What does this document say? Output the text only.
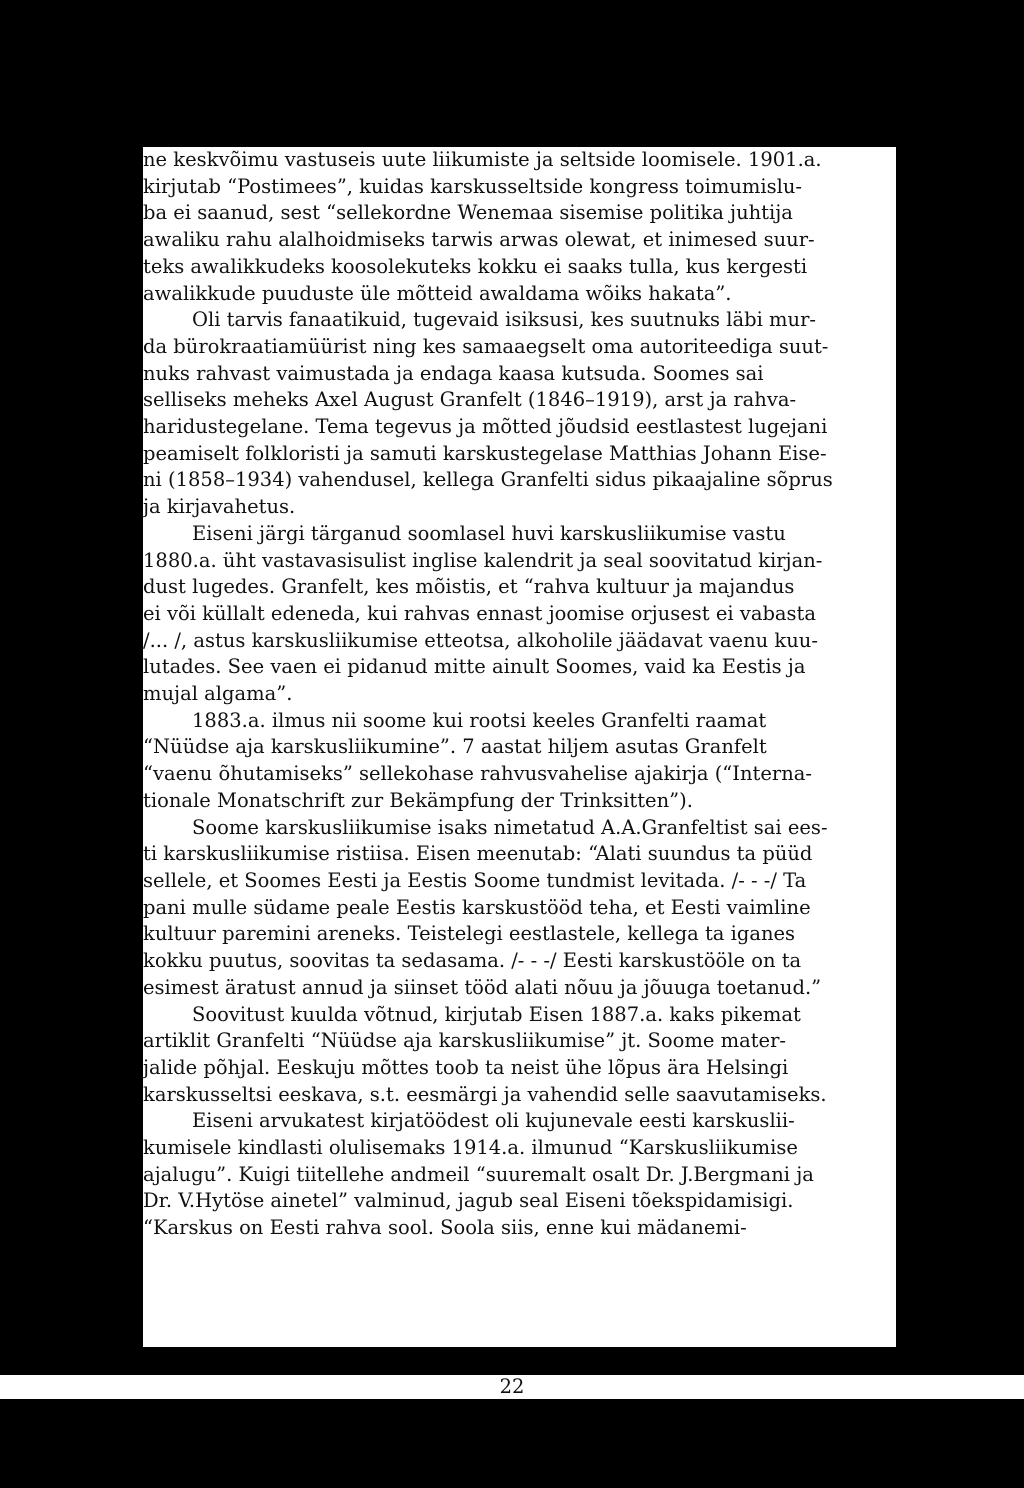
ne keskvõimu vastuseis uute liikumiste ja seltside loomisele. 1901.a.
kirjutab “Postimees”, kuidas karskusseltside kongress toimumislu-
ba ei saanud, sest “sellekordne Wenemaa sisemise politika juhtija
awaliku rahu alalhoidmiseks tarwis arwas olewat, et inimesed suur-
teks awalikkudeks koosolekuteks kokku ei saaks tulla, kus kergesti
awalikkude puuduste üle mõtteid awaldama wõiks hakata”.
Oli tarvis fanaatikuid, tugevaid isiksusi, kes suutnuks läbi mur-
da bürokraatiamüürist ning kes samaaegselt oma autoriteediga suut-
nuks rahvast vaimustada ja endaga kaasa kutsuda. Soomes sai
selliseks meheks Axel August Granfelt (1846–1919), arst ja rahva-
haridustegelane. Tema tegevus ja mõtted jõudsid eestlastest lugejani
peamiselt folkloristi ja samuti karskustegelase Matthias Johann Eise-
ni (1858–1934) vahendusel, kellega Granfelti sidus pikaajaline sõprus
ja kirjavahetus.
Eiseni järgi tärganud soomlasel huvi karskusliikumise vastu
1880.a. üht vastavasisulist inglise kalendrit ja seal soovitatud kirjan-
dust lugedes. Granfelt, kes mõistis, et “rahva kultuur ja majandus
ei või küllalt edeneda, kui rahvas ennast joomise orjusest ei vabasta
/... /, astus karskusliikumise etteotsa, alkoholile jäädavat vaenu kuu-
lutades. See vaen ei pidanud mitte ainult Soomes, vaid ka Eestis ja
mujal algama”.
1883.a. ilmus nii soome kui rootsi keeles Granfelti raamat
“Nüüdse aja karskusliikumine”. 7 aastat hiljem asutas Granfelt
“vaenu õhutamiseks” sellekohase rahvusvahelise ajakirja (“Interna-
tionale Monatschrift zur Bekämpfung der Trinksitten”).
Soome karskusliikumise isaks nimetatud A.A.Granfeltist sai ees-
ti karskusliikumise ristiisa. Eisen meenutab: “Alati suundus ta püüd
sellele, et Soomes Eesti ja Eestis Soome tundmist levitada. /- - -/ Ta
pani mulle südame peale Eestis karskustööd teha, et Eesti vaimline
kultuur paremini areneks. Teistelegi eestlastele, kellega ta iganes
kokku puutus, soovitas ta sedasama. /- - -/ Eesti karskustööle on ta
esimest äratust annud ja siinset tööd alati nõuu ja jõuuga toetanud.”
Soovitust kuulda võtnud, kirjutab Eisen 1887.a. kaks pikemat
artiklit Granfelti “Nüüdse aja karskusliikumise” jt. Soome mater-
jalide põhjal. Eeskuju mõttes toob ta neist ühe lõpus ära Helsingi
karskusseltsi eeskava, s.t. eesmärgi ja vahendid selle saavutamiseks.
Eiseni arvukatest kirjatöödest oli kujunevale eesti karskuslii-
kumisele kindlasti olulisemaks 1914.a. ilmunud “Karskusliikumise
ajalugu”. Kuigi tiitellehe andmeil “suuremalt osalt Dr. J.Bergmani ja
Dr. V.Hytöse ainetel” valminud, jagub seal Eiseni tõekspidamisigi.
“Karskus on Eesti rahva sool. Soola siis, enne kui mädanemi-
22
